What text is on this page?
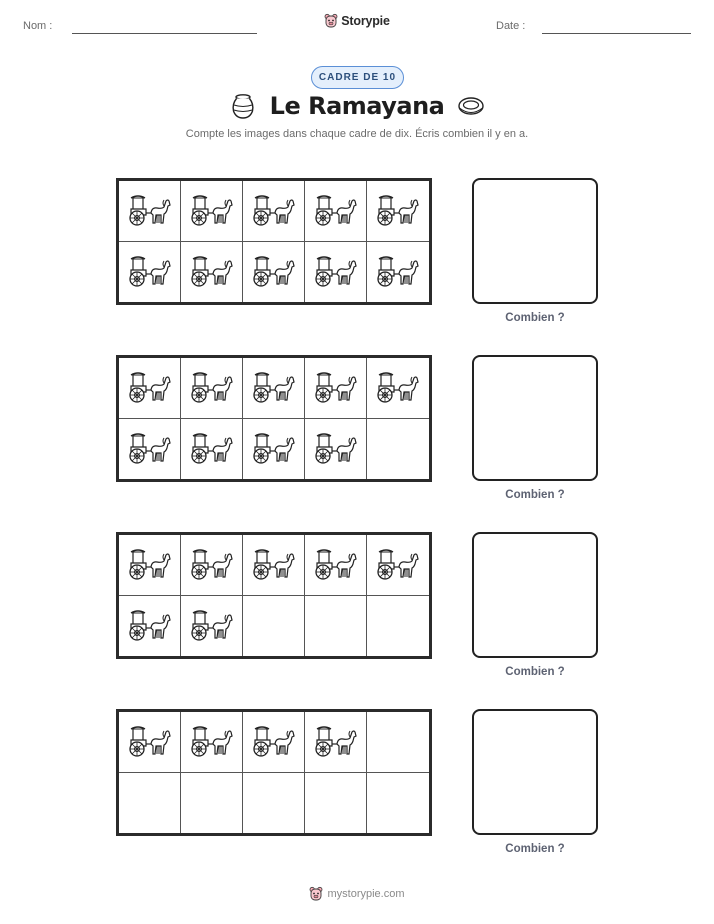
Nom :	Storypie	Date :
CADRE DE 10
Le Ramayana
Compte les images dans chaque cadre de dix. Écris combien il y en a.
Combien ?
Combien ?
Combien ?
Combien ?
mystorypie.com
